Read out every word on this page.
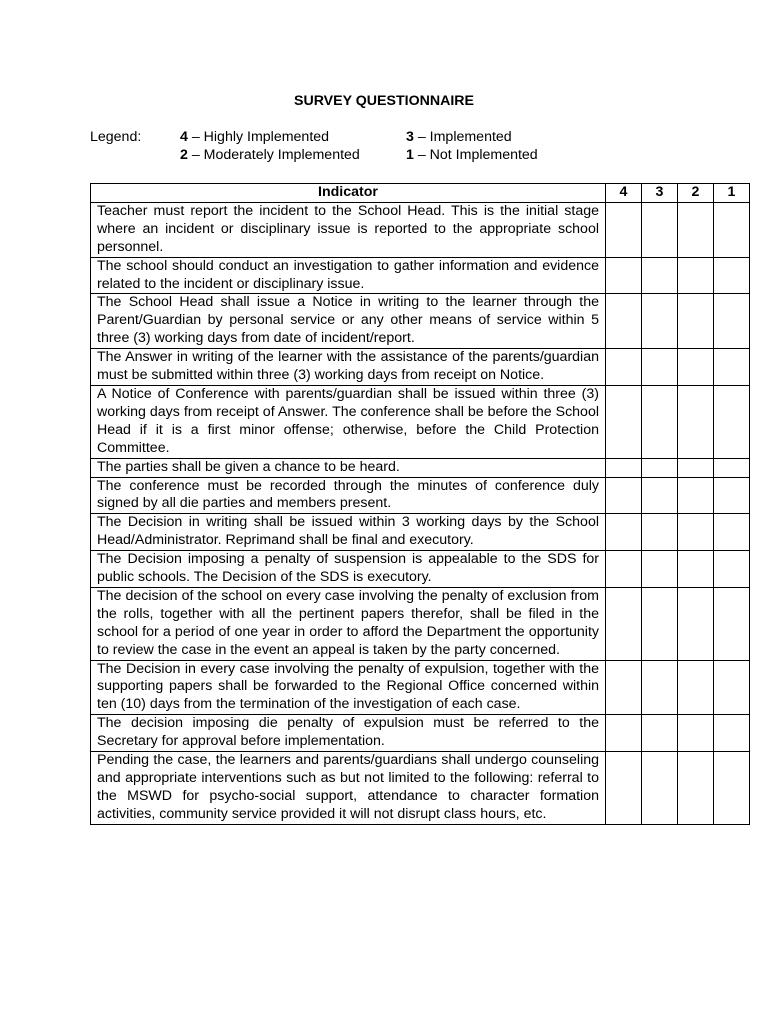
SURVEY QUESTIONNAIRE
Legend:	4 – Highly Implemented	3 – Implemented
2 – Moderately Implemented	1 – Not Implemented
Indicator	4	3	2	1
Teacher must report the incident to the School Head. This is the initial stage where an incident or disciplinary issue is reported to the appropriate school personnel.				
The school should conduct an investigation to gather information and evidence related to the incident or disciplinary issue.				
The School Head shall issue a Notice in writing to the learner through the Parent/Guardian by personal service or any other means of service within 5 three (3) working days from date of incident/report.				
The Answer in writing of the learner with the assistance of the parents/guardian must be submitted within three (3) working days from receipt on Notice.				
A Notice of Conference with parents/guardian shall be issued within three (3) working days from receipt of Answer. The conference shall be before the School Head if it is a first minor offense; otherwise, before the Child Protection Committee.				
The parties shall be given a chance to be heard.				
The conference must be recorded through the minutes of conference duly signed by all die parties and members present.				
The Decision in writing shall be issued within 3 working days by the School Head/Administrator. Reprimand shall be final and executory.				
The Decision imposing a penalty of suspension is appealable to the SDS for public schools. The Decision of the SDS is executory.				
The decision of the school on every case involving the penalty of exclusion from the rolls, together with all the pertinent papers therefor, shall be filed in the school for a period of one year in order to afford the Department the opportunity to review the case in the event an appeal is taken by the party concerned.				
The Decision in every case involving the penalty of expulsion, together with the supporting papers shall be forwarded to the Regional Office concerned within ten (10) days from the termination of the investigation of each case.				
The decision imposing die penalty of expulsion must be referred to the Secretary for approval before implementation.				
Pending the case, the learners and parents/guardians shall undergo counseling and appropriate interventions such as but not limited to the following: referral to the MSWD for psycho-social support, attendance to character formation activities, community service provided it will not disrupt class hours, etc.				
